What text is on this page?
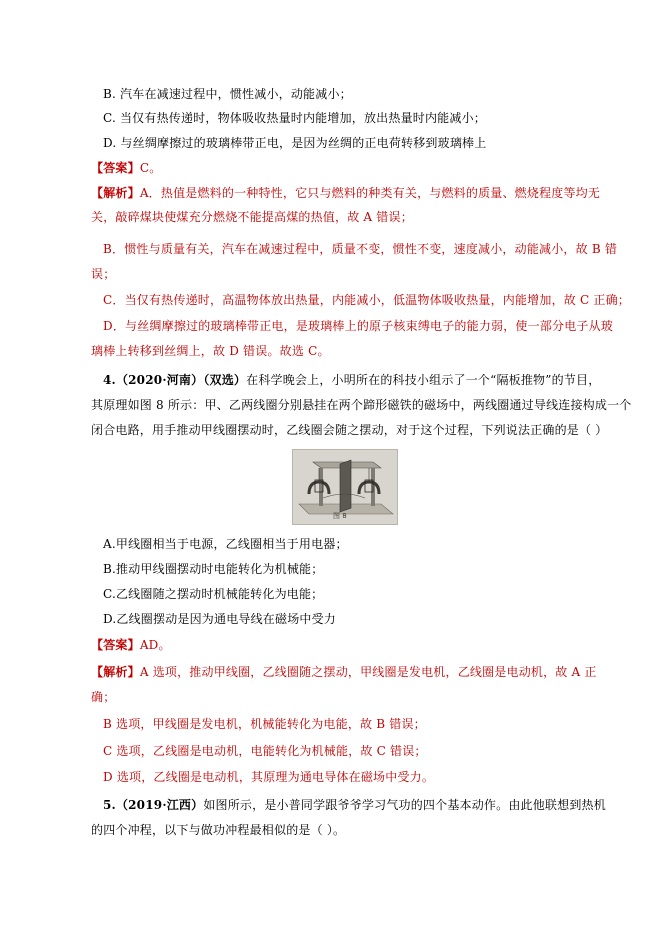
B. 汽车在减速过程中，惯性减小，动能减小；
C. 当仅有热传递时，物体吸收热量时内能增加，放出热量时内能减小；
D. 与丝绸摩擦过的玻璃棒带正电，是因为丝绸的正电荷转移到玻璃棒上
【答案】C。
【解析】A．热值是燃料的一种特性，它只与燃料的种类有关，与燃料的质量、燃烧程度等均无
关，敲碎煤块使煤充分燃烧不能提高煤的热值，故 A 错误；
B．惯性与质量有关，汽车在减速过程中，质量不变，惯性不变，速度减小，动能减小，故 B 错
误；
C．当仅有热传递时，高温物体放出热量，内能减小，低温物体吸收热量，内能增加，故 C 正确；
D．与丝绸摩擦过的玻璃棒带正电，是玻璃棒上的原子核束缚电子的能力弱，使一部分电子从玻
璃棒上转移到丝绸上，故 D 错误。故选 C。
4.（2020·河南）（双选）在科学晚会上，小明所在的科技小组示了一个“隔板推物”的节目，
其原理如图 8 所示：甲、乙两线圈分别悬挂在两个蹄形磁铁的磁场中，两线圈通过导线连接构成一个
闭合电路，用手推动甲线圈摆动时，乙线圈会随之摆动，对于这个过程，下列说法正确的是（ ）
图 8
A.甲线圈相当于电源，乙线圈相当于用电器；
B.推动甲线圈摆动时电能转化为机械能；
C.乙线圈随之摆动时机械能转化为电能；
D.乙线圈摆动是因为通电导线在磁场中受力
【答案】AD。
【解析】A 选项，推动甲线圈，乙线圈随之摆动，甲线圈是发电机，乙线圈是电动机，故 A 正
确；
B 选项，甲线圈是发电机，机械能转化为电能，故 B 错误；
C 选项，乙线圈是电动机，电能转化为机械能，故 C 错误；
D 选项，乙线圈是电动机，其原理为通电导体在磁场中受力。
5.（2019·江西）如图所示，是小普同学跟爷爷学习气功的四个基本动作。由此他联想到热机
的四个冲程，以下与做功冲程最相似的是（ ）。
